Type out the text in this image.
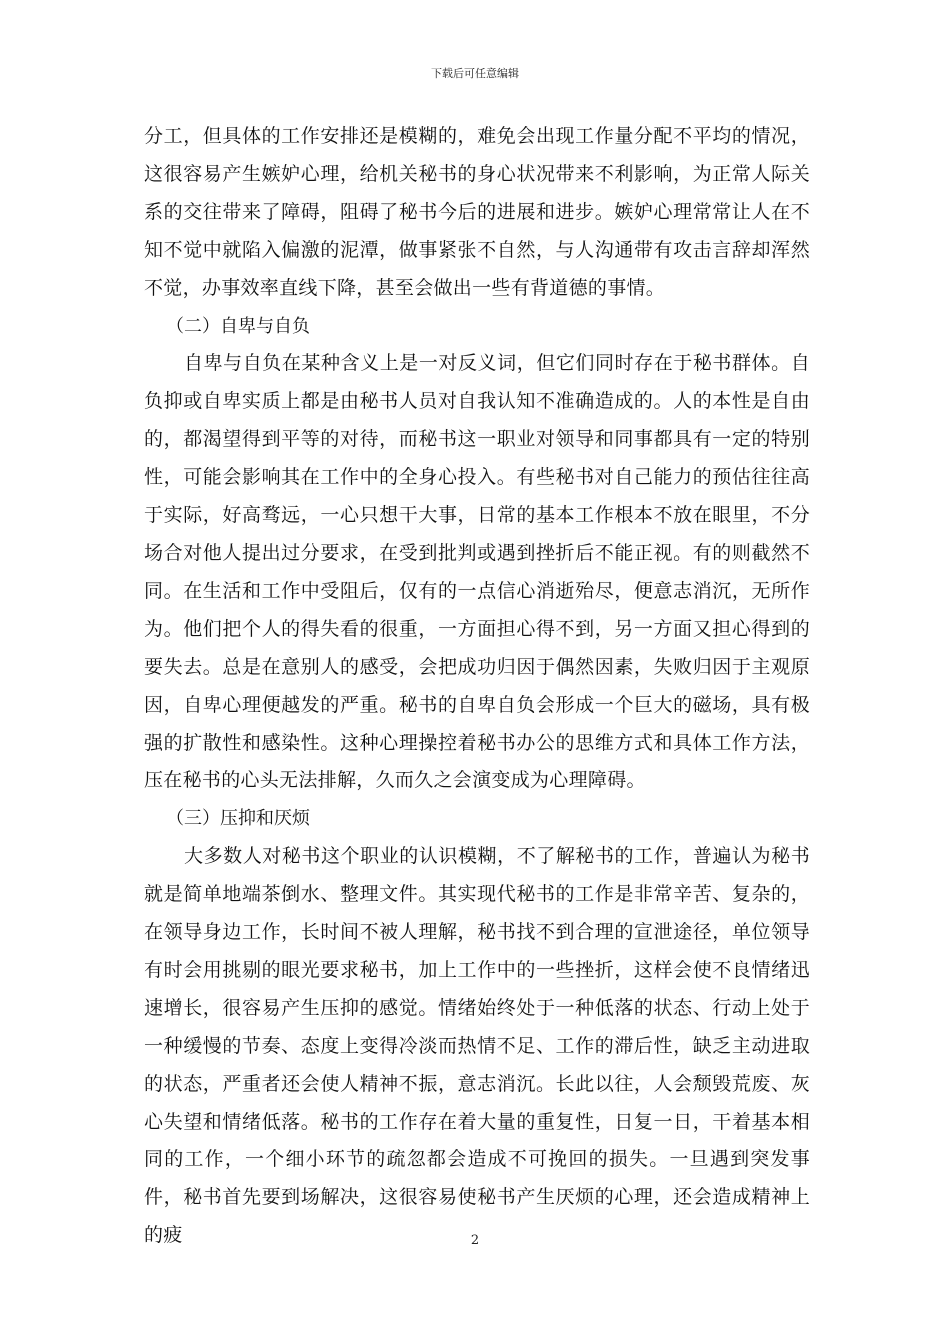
下载后可任意编辑

分工，但具体的工作安排还是模糊的，难免会出现工作量分配不平均的情况，这很容易产生嫉妒心理，给机关秘书的身心状况带来不利影响，为正常人际关系的交往带来了障碍，阻碍了秘书今后的进展和进步。嫉妒心理常常让人在不知不觉中就陷入偏激的泥潭，做事紧张不自然，与人沟通带有攻击言辞却浑然不觉，办事效率直线下降，甚至会做出一些有背道德的事情。

（二）自卑与自负

自卑与自负在某种含义上是一对反义词，但它们同时存在于秘书群体。自负抑或自卑实质上都是由秘书人员对自我认知不准确造成的。人的本性是自由的，都渴望得到平等的对待，而秘书这一职业对领导和同事都具有一定的特别性，可能会影响其在工作中的全身心投入。有些秘书对自己能力的预估往往高于实际，好高骛远，一心只想干大事，日常的基本工作根本不放在眼里，不分场合对他人提出过分要求，在受到批判或遇到挫折后不能正视。有的则截然不同。在生活和工作中受阻后，仅有的一点信心消逝殆尽，便意志消沉，无所作为。他们把个人的得失看的很重，一方面担心得不到，另一方面又担心得到的要失去。总是在意别人的感受，会把成功归因于偶然因素，失败归因于主观原因，自卑心理便越发的严重。秘书的自卑自负会形成一个巨大的磁场，具有极强的扩散性和感染性。这种心理操控着秘书办公的思维方式和具体工作方法，压在秘书的心头无法排解，久而久之会演变成为心理障碍。

（三）压抑和厌烦

大多数人对秘书这个职业的认识模糊，不了解秘书的工作，普遍认为秘书就是简单地端茶倒水、整理文件。其实现代秘书的工作是非常辛苦、复杂的，在领导身边工作，长时间不被人理解，秘书找不到合理的宣泄途径，单位领导有时会用挑剔的眼光要求秘书，加上工作中的一些挫折，这样会使不良情绪迅速增长，很容易产生压抑的感觉。情绪始终处于一种低落的状态、行动上处于一种缓慢的节奏、态度上变得冷淡而热情不足、工作的滞后性，缺乏主动进取的状态，严重者还会使人精神不振，意志消沉。长此以往，人会颓毁荒废、灰心失望和情绪低落。秘书的工作存在着大量的重复性，日复一日，干着基本相同的工作，一个细小环节的疏忽都会造成不可挽回的损失。一旦遇到突发事件，秘书首先要到场解决，这很容易使秘书产生厌烦的心理，还会造成精神上的疲	2
